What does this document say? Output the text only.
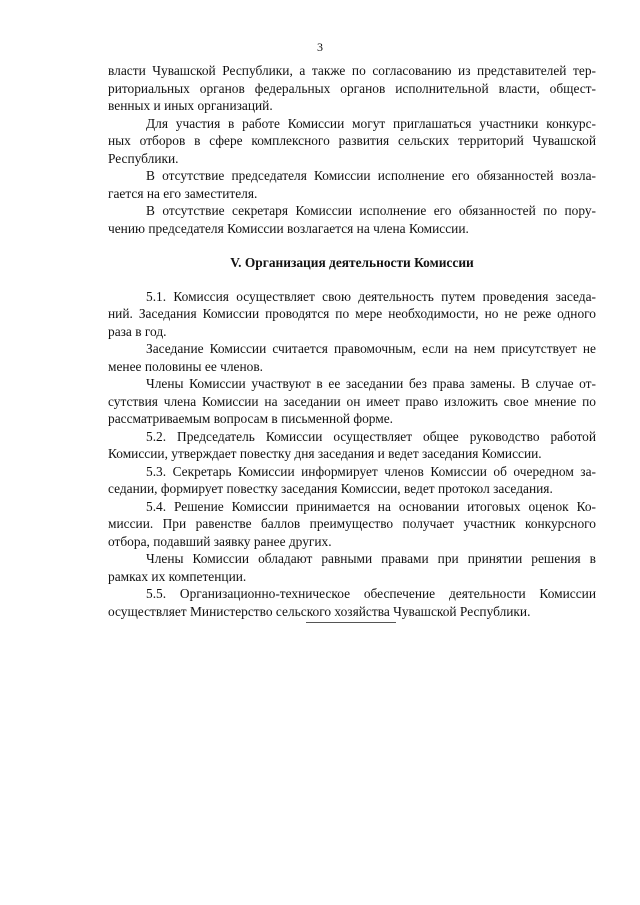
3
власти Чувашской Республики, а также по согласованию из представителей тер-
риториальных органов федеральных органов исполнительной власти, общест-
венных и иных организаций.
Для участия в работе Комиссии могут приглашаться участники конкурс-
ных отборов в сфере комплексного развития сельских территорий Чувашской
Республики.
В отсутствие председателя Комиссии исполнение его обязанностей возла-
гается на его заместителя.
В отсутствие секретаря Комиссии исполнение его обязанностей по пору-
чению председателя Комиссии возлагается на члена Комиссии.
V. Организация деятельности Комиссии
5.1. Комиссия осуществляет свою деятельность путем проведения заседа-
ний. Заседания Комиссии проводятся по мере необходимости, но не реже одного
раза в год.
Заседание Комиссии считается правомочным, если на нем присутствует не
менее половины ее членов.
Члены Комиссии участвуют в ее заседании без права замены. В случае от-
сутствия члена Комиссии на заседании он имеет право изложить свое мнение по
рассматриваемым вопросам в письменной форме.
5.2. Председатель Комиссии осуществляет общее руководство работой
Комиссии, утверждает повестку дня заседания и ведет заседания Комиссии.
5.3. Секретарь Комиссии информирует членов Комиссии об очередном за-
седании, формирует повестку заседания Комиссии, ведет протокол заседания.
5.4. Решение Комиссии принимается на основании итоговых оценок Ко-
миссии. При равенстве баллов преимущество получает участник конкурсного
отбора, подавший заявку ранее других.
Члены Комиссии обладают равными правами при принятии решения в
рамках их компетенции.
5.5. Организационно-техническое обеспечение деятельности Комиссии
осуществляет Министерство сельского хозяйства Чувашской Республики.
